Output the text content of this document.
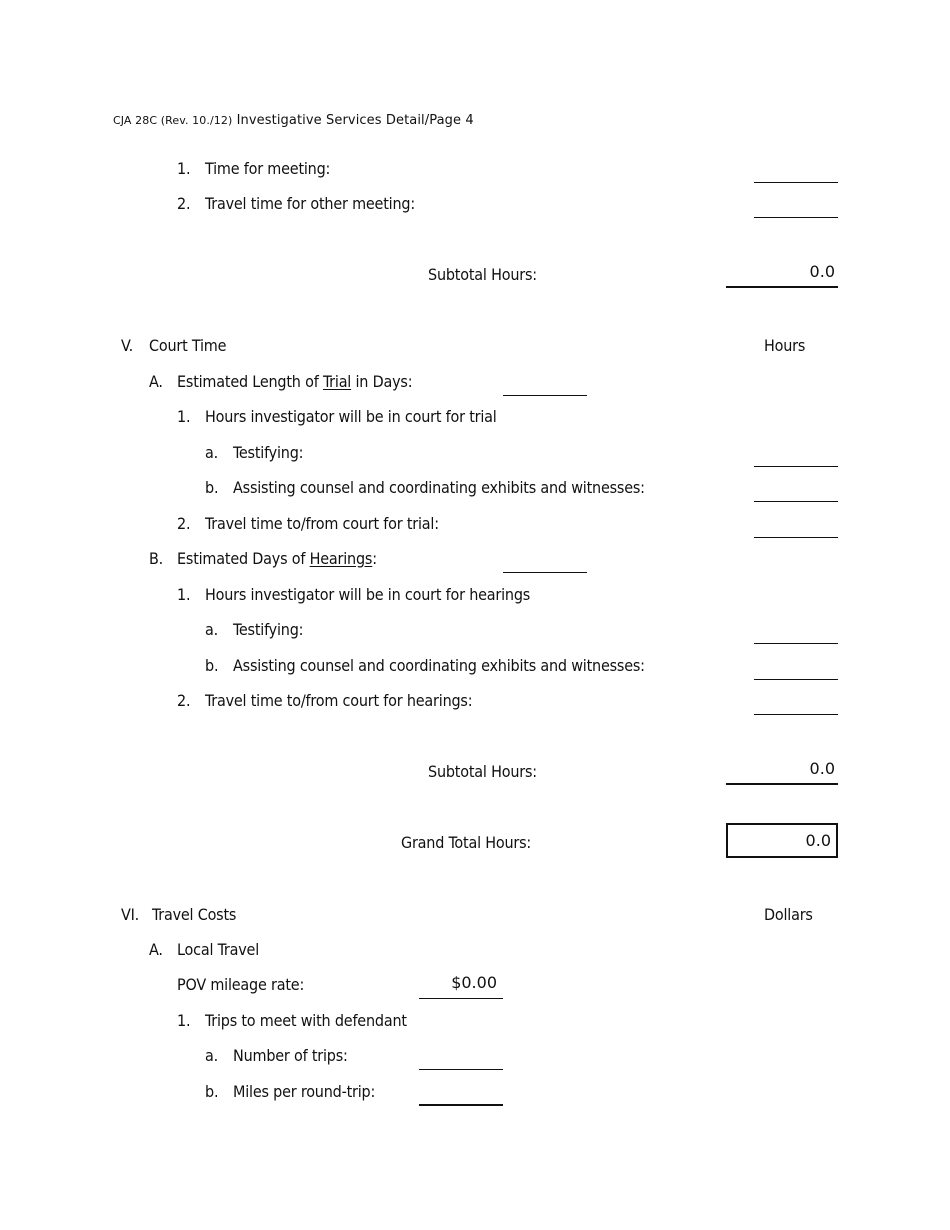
CJA 28C (Rev. 10./12) Investigative Services Detail/Page 4
1. Time for meeting:
2. Travel time for other meeting:
Subtotal Hours:	0.0
V. Court Time	Hours
A. Estimated Length of Trial in Days:
1. Hours investigator will be in court for trial
a. Testifying:
b. Assisting counsel and coordinating exhibits and witnesses:
2. Travel time to/from court for trial:
B. Estimated Days of Hearings:
1. Hours investigator will be in court for hearings
a. Testifying:
b. Assisting counsel and coordinating exhibits and witnesses:
2. Travel time to/from court for hearings:
Subtotal Hours:	0.0
Grand Total Hours:	0.0
VI. Travel Costs	Dollars
A. Local Travel
POV mileage rate:	$0.00
1. Trips to meet with defendant
a. Number of trips:
b. Miles per round-trip:
